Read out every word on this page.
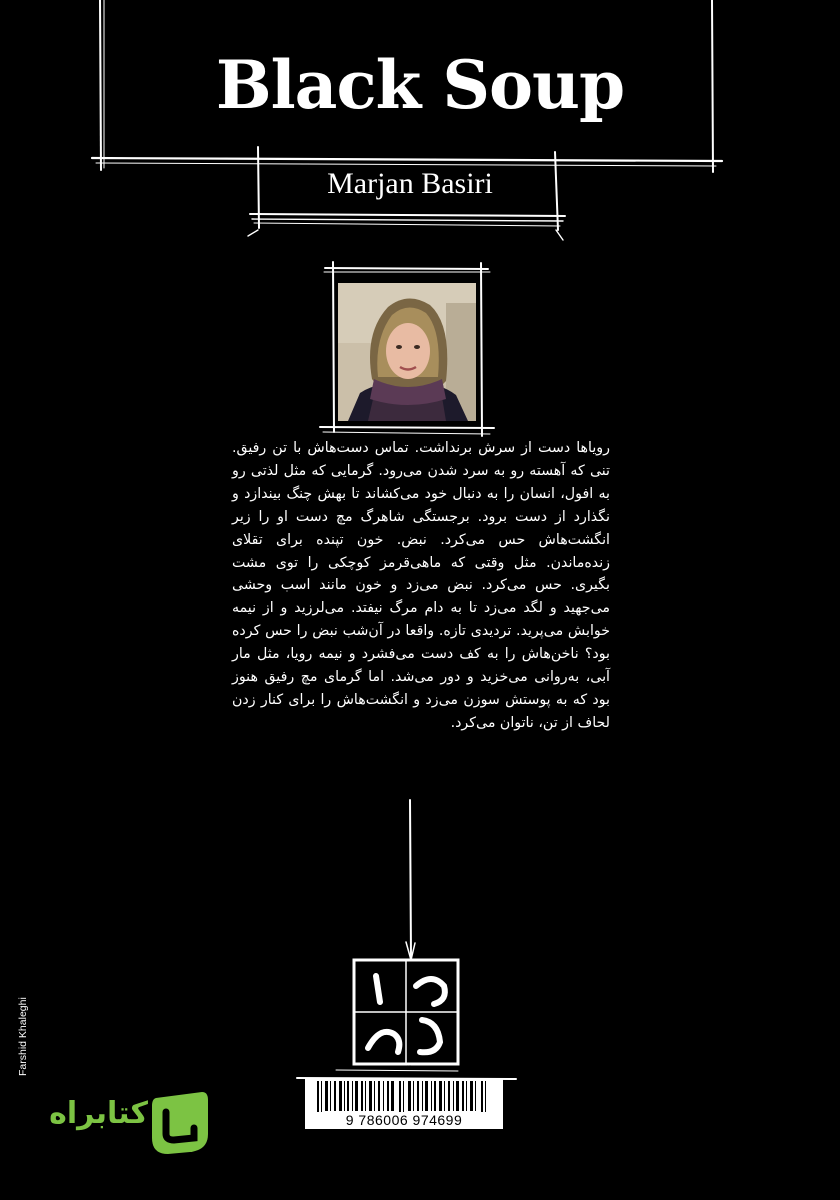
Black Soup
Marjan Basiri

رویاها دست از سرش برنداشت. تماس دست‌هاش با تن رفیق. تنی که آهسته رو به سرد شدن می‌رود. گرمایی که مثل لذتی رو به افول، انسان را به دنبال خود می‌کشاند تا بهش چنگ بیندازد و نگذارد از دست برود. برجستگی شاهرگ مچ دست او را زیر انگشت‌هاش حس می‌کرد. نبض. خون تپنده برای تقلای زنده‌ماندن. مثل وقتی که ماهی‌قرمز کوچکی را توی مشت بگیری. حس می‌کرد. نبض می‌زد و خون مانند اسب وحشی می‌جهید و لگد می‌زد تا به دام مرگ نیفتد. می‌لرزید و از نیمه خوابش می‌پرید. تردیدی تازه. واقعا در آن‌شب نبض را حس کرده بود؟ ناخن‌هاش را به کف دست می‌فشرد و نیمه رویا، مثل مار آبی، به‌روانی می‌خزید و دور می‌شد. اما گرمای مچ رفیق هنوز بود که به پوستش سوزن می‌زد و انگشت‌هاش را برای کنار زدن لحاف از تن، ناتوان می‌کرد.

Farshid Khaleghi	کتاب کوچه
9 786006 974699
کتابراه
